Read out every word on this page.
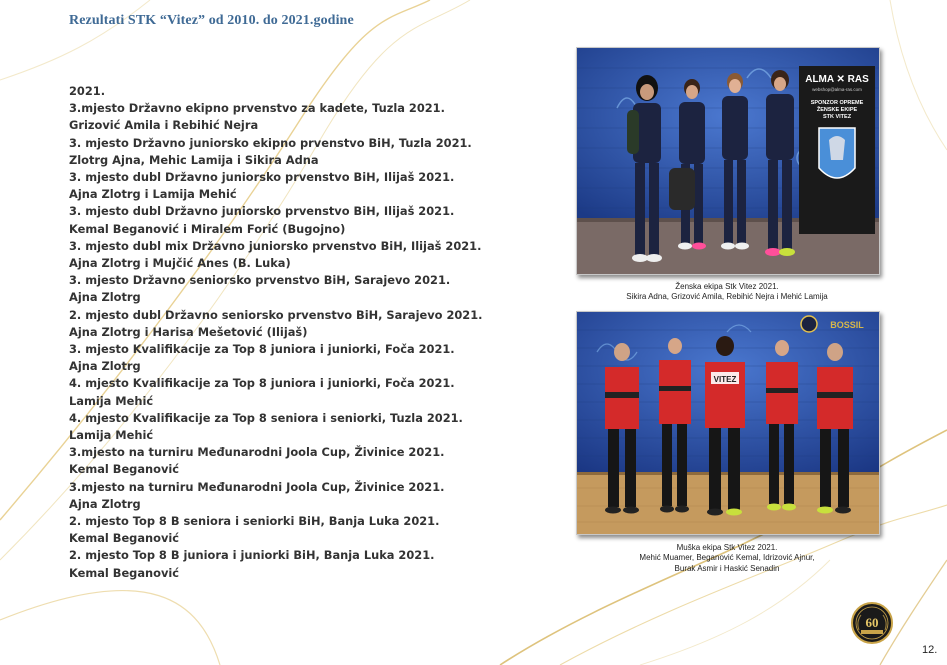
Rezultati STK “Vitez” od 2010. do 2021.godine
2021.
3.mjesto Državno ekipno prvenstvo za kadete, Tuzla 2021.
Grizović Amila i Rebihić Nejra
3. mjesto Državno juniorsko ekipno prvenstvo BiH, Tuzla 2021.
Zlotrg Ajna, Mehic Lamija i Sikira Adna
3. mjesto dubl Državno juniorsko prvenstvo BiH, Ilijaš 2021.
Ajna Zlotrg i Lamija Mehić
3. mjesto dubl Državno juniorsko prvenstvo BiH, Ilijaš 2021.
Kemal Beganović i Miralem Forić (Bugojno)
3. mjesto dubl mix Državno juniorsko prvenstvo BiH, Ilijaš 2021.
Ajna Zlotrg i Mujčić Anes (B. Luka)
3. mjesto Državno seniorsko prvenstvo BiH, Sarajevo 2021.
Ajna Zlotrg
2. mjesto dubl Državno seniorsko prvenstvo BiH, Sarajevo 2021.
Ajna Zlotrg i Harisa Mešetović (Ilijaš)
3. mjesto Kvalifikacije za Top 8 juniora i juniorki, Foča 2021.
Ajna Zlotrg
4. mjesto Kvalifikacije za Top 8 juniora i juniorki, Foča 2021.
Lamija Mehić
4. mjesto Kvalifikacije za Top 8 seniora i seniorki, Tuzla 2021.
Lamija Mehić
3.mjesto na turniru Međunarodni Joola Cup, Živinice 2021.
Kemal Beganović
3.mjesto na turniru Međunarodni Joola Cup, Živinice 2021.
Ajna Zlotrg
2. mjesto Top 8 B seniora i seniorki BiH, Banja Luka 2021.
Kemal Beganović
2. mjesto Top 8 B juniora i juniorki BiH, Banja Luka 2021.
Kemal Beganović
ALMA ✕ RAS
webshop@alma-ras.com
SPONZOR OPREME
ŽENSKE EKIPE
STK VITEZ
Ženska ekipa Stk Vitez 2021.
Sikira Adna, Grizović Amila, Rebihić Nejra i Mehić Lamija
BOSSIL
VITEZ
Muška ekipa Stk Vitez 2021.
Mehić Muamer, Beganović Kemal, Idrizović Ajnur,
Burak Asmir i Haskić Senadin
60
12.
